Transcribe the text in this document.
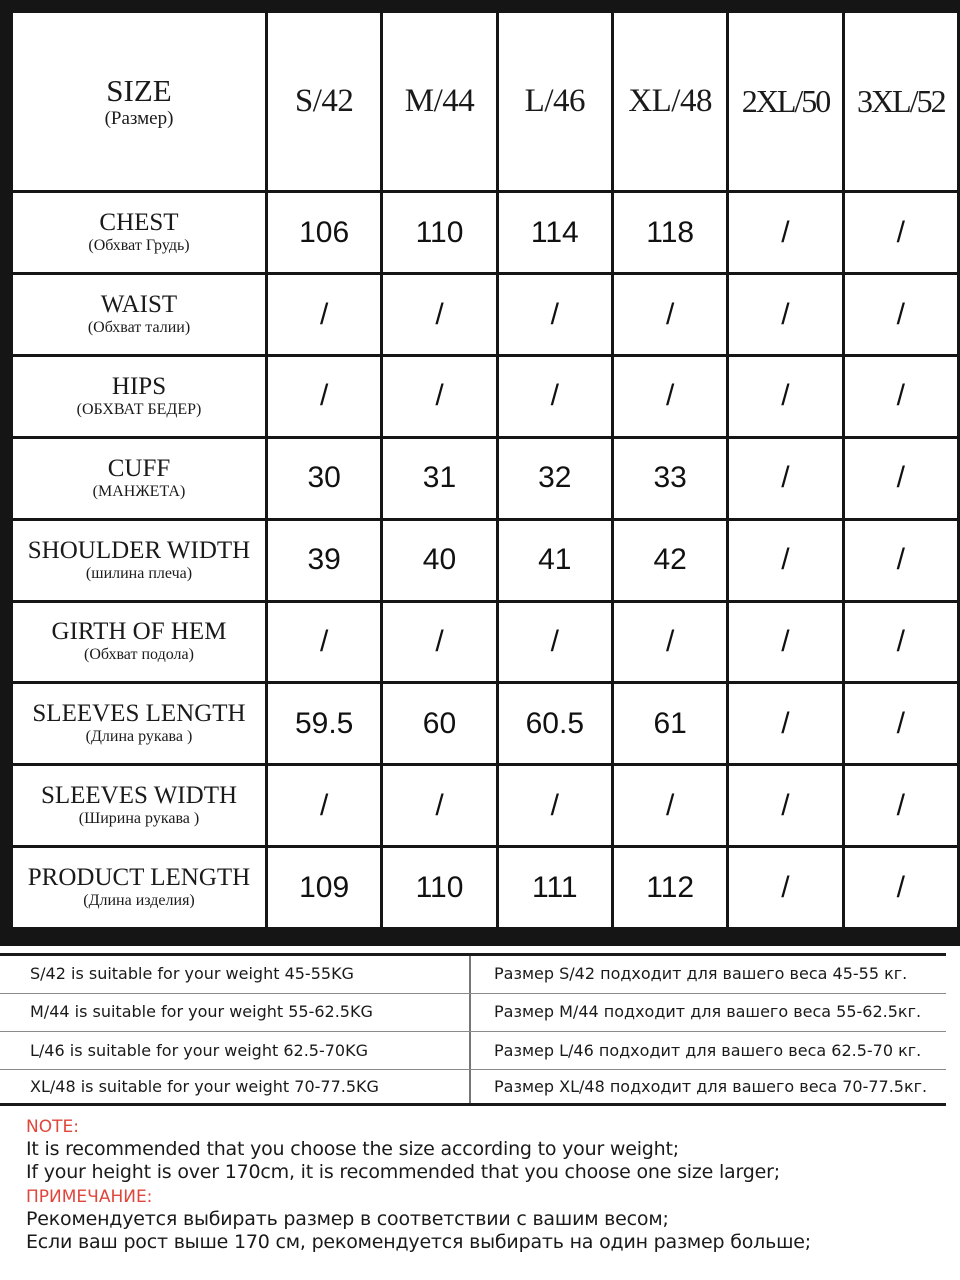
SIZE
(Размер)	S/42	M/44	L/46	XL/48	2XL/50	3XL/52

CHEST
(Обхват Грудь)	106	110	114	118	/	/

WAIST
(Обхват талии)	/	/	/	/	/	/

HIPS
(ОБХВАТ БЕДЕР)	/	/	/	/	/	/

CUFF
(МАНЖЕТА)	30	31	32	33	/	/

SHOULDER WIDTH
(шилина плеча)	39	40	41	42	/	/

GIRTH OF HEM
(Обхват подола)	/	/	/	/	/	/

SLEEVES LENGTH
(Длина рукава )	59.5	60	60.5	61	/	/

SLEEVES WIDTH
(Ширина рукава )	/	/	/	/	/	/

PRODUCT LENGTH
(Длина изделия)	109	110	111	112	/	/
S/42 is suitable for your weight 45-55KG	Размер S/42 подходит для вашего веса 45-55 кг.
M/44 is suitable for your weight 55-62.5KG	Размер M/44 подходит для вашего веса 55-62.5кг.
L/46 is suitable for your weight 62.5-70KG	Размер L/46 подходит для вашего веса 62.5-70 кг.
XL/48 is suitable for your weight 70-77.5KG	Размер XL/48 подходит для вашего веса 70-77.5кг.
NOTE:
It is recommended that you choose the size according to your weight;
If your height is over 170cm, it is recommended that you choose one size larger;
ПРИМЕЧАНИЕ:
Рекомендуется выбирать размер в соответствии с вашим весом;
Если ваш рост выше 170 см, рекомендуется выбирать на один размер больше;
